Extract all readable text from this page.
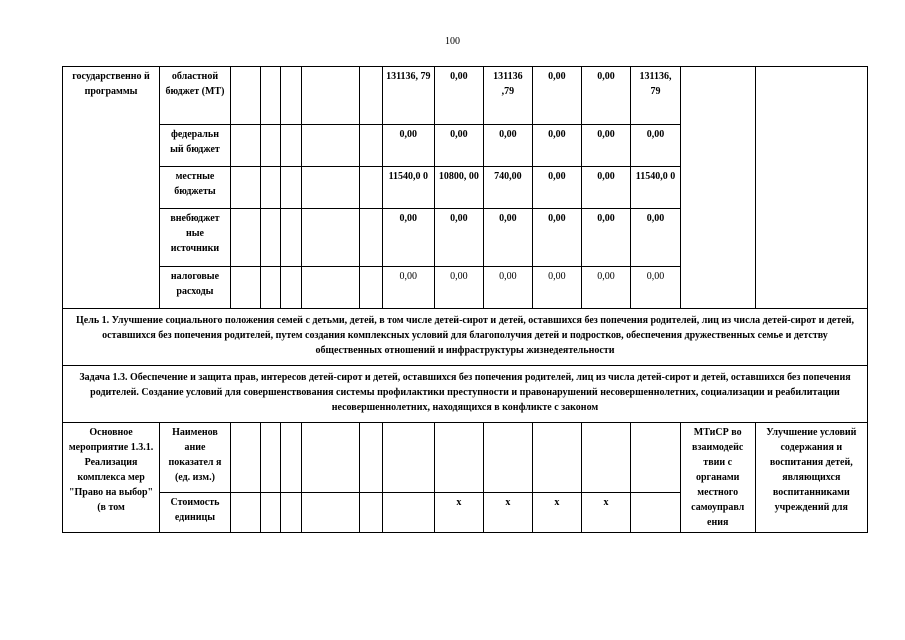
100
государственно й программы	областной бюджет (МТ)						131136, 79	0,00	131136 ,79	0,00	0,00	131136, 79		
	федеральн ый бюджет						0,00	0,00	0,00	0,00	0,00	0,00		
	местные бюджеты						11540,0 0	10800, 00	740,00	0,00	0,00	11540,0 0		
	внебюджет ные источники						0,00	0,00	0,00	0,00	0,00	0,00		
	налоговые расходы						0,00	0,00	0,00	0,00	0,00	0,00		
Цель 1. Улучшение социального положения семей с детьми, детей, в том числе детей-сирот и детей, оставшихся без попечения родителей, лиц из числа детей-сирот и детей, оставшихся без попечения родителей, путем создания комплексных условий для благополучия детей и подростков, обеспечения дружественных семье и детству общественных отношений и инфраструктуры жизнедеятельности														
Задача 1.3. Обеспечение и защита прав, интересов детей-сирот и детей, оставшихся без попечения родителей, лиц из числа детей-сирот и детей, оставшихся без попечения родителей. Создание условий для совершенствования системы профилактики преступности и правонарушений несовершеннолетних, социализации и реабилитации несовершеннолетних, находящихся в конфликте с законом														
Основное мероприятие 1.3.1. Реализация комплекса мер "Право на выбор" (в том	Наименов ание показател я (ед. изм.)												МТиСР во взаимодейс твии с органами местного самоуправл ения	Улучшение условий содержания и воспитания детей, являющихся воспитанниками учреждений для
	Стоимость единицы							х	х	х	х			
